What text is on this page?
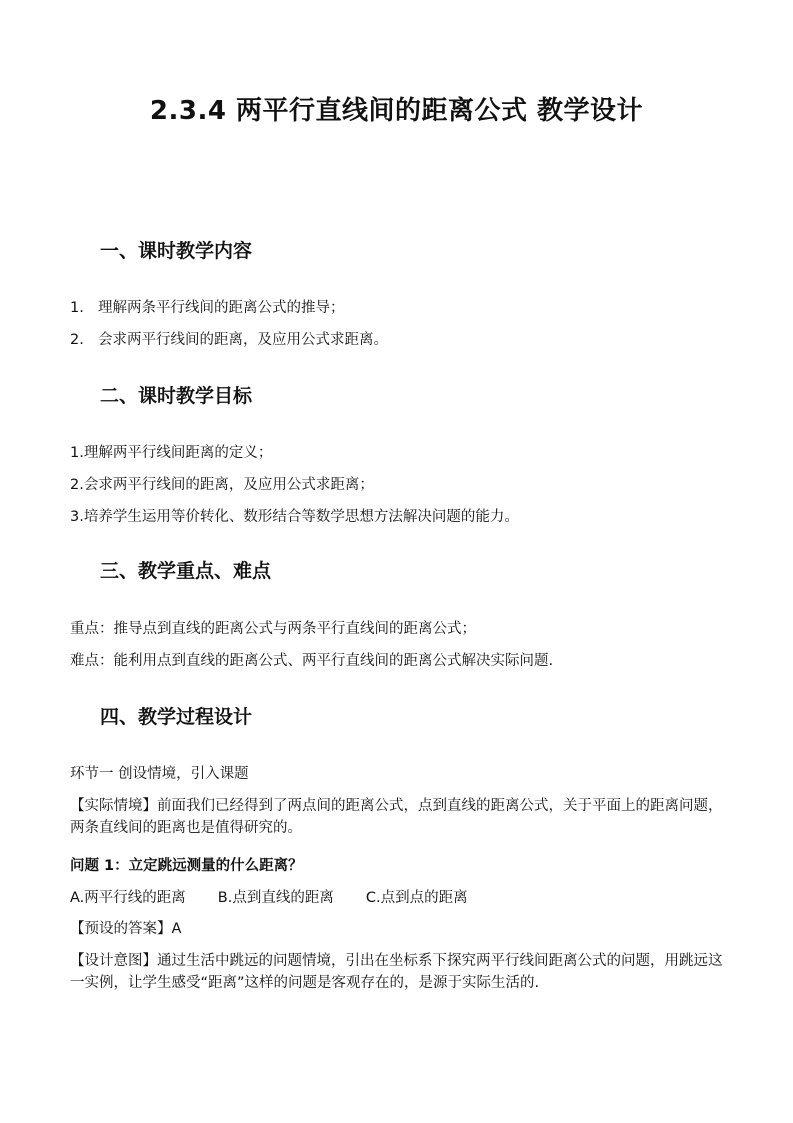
2.3.4 两平行直线间的距离公式 教学设计
一、课时教学内容
1. 理解两条平行线间的距离公式的推导；
2. 会求两平行线间的距离，及应用公式求距离。
二、课时教学目标
1.理解两平行线间距离的定义；
2.会求两平行线间的距离，及应用公式求距离；
3.培养学生运用等价转化、数形结合等数学思想方法解决问题的能力。
三、教学重点、难点
重点：推导点到直线的距离公式与两条平行直线间的距离公式；
难点：能利用点到直线的距离公式、两平行直线间的距离公式解决实际问题.
四、教学过程设计
环节一 创设情境，引入课题
【实际情境】前面我们已经得到了两点间的距离公式，点到直线的距离公式，关于平面上的距离问题，两条直线间的距离也是值得研究的。
问题 1：立定跳远测量的什么距离？
A.两平行线的距离 B.点到直线的距离 C.点到点的距离
【预设的答案】A
【设计意图】通过生活中跳远的问题情境，引出在坐标系下探究两平行线间距离公式的问题，用跳远这一实例，让学生感受“距离”这样的问题是客观存在的，是源于实际生活的.
